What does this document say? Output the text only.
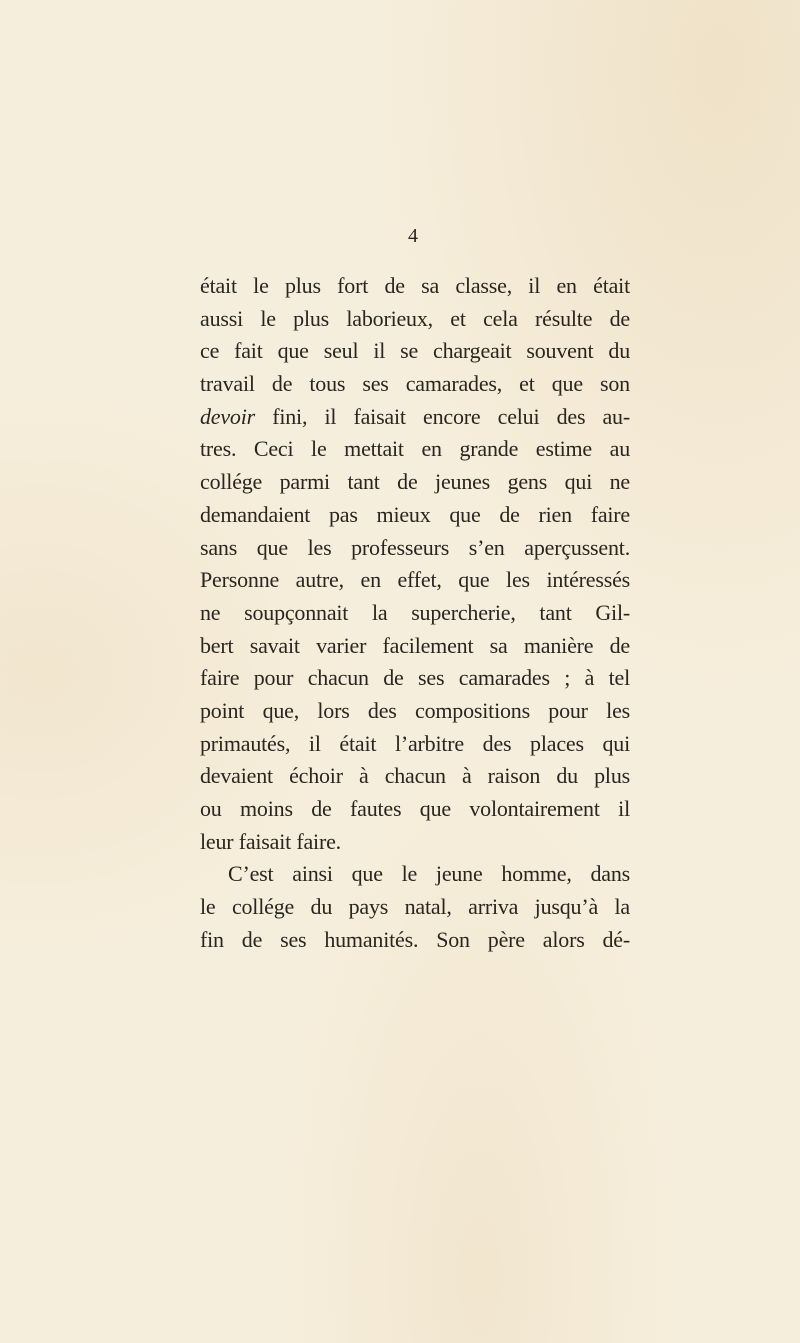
4
était le plus fort de sa classe, il en était
aussi le plus laborieux, et cela résulte de
ce fait que seul il se chargeait souvent du
travail de tous ses camarades, et que son
devoir fini, il faisait encore celui des au-
tres. Ceci le mettait en grande estime au
collége parmi tant de jeunes gens qui ne
demandaient pas mieux que de rien faire
sans que les professeurs s’en aperçussent.
Personne autre, en effet, que les intéressés
ne soupçonnait la supercherie, tant Gil-
bert savait varier facilement sa manière de
faire pour chacun de ses camarades ; à tel
point que, lors des compositions pour les
primautés, il était l’arbitre des places qui
devaient échoir à chacun à raison du plus
ou moins de fautes que volontairement il
leur faisait faire.
C’est ainsi que le jeune homme, dans
le collége du pays natal, arriva jusqu’à la
fin de ses humanités. Son père alors dé-
